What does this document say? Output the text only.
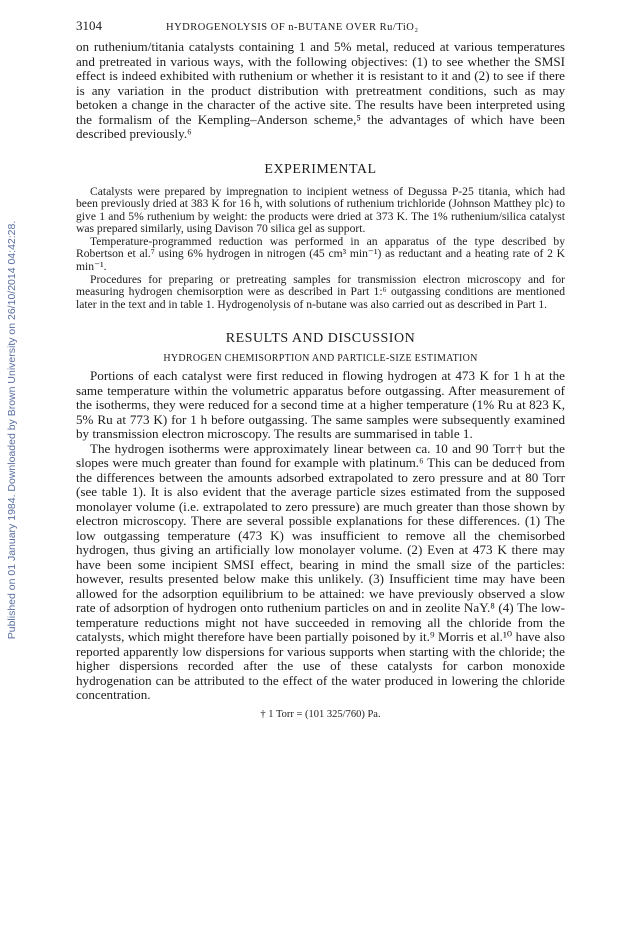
Published on 01 January 1984. Downloaded by Brown University on 26/10/2014 04:42:28.
3104	HYDROGENOLYSIS OF n-BUTANE OVER Ru/TiO₂

on ruthenium/titania catalysts containing 1 and 5% metal, reduced at various temperatures and pretreated in various ways, with the following objectives: (1) to see whether the SMSI effect is indeed exhibited with ruthenium or whether it is resistant to it and (2) to see if there is any variation in the product distribution with pretreatment conditions, such as may betoken a change in the character of the active site. The results have been interpreted using the formalism of the Kempling–Anderson scheme,⁵ the advantages of which have been described previously.⁶

EXPERIMENTAL

Catalysts were prepared by impregnation to incipient wetness of Degussa P-25 titania, which had been previously dried at 383 K for 16 h, with solutions of ruthenium trichloride (Johnson Matthey plc) to give 1 and 5% ruthenium by weight: the products were dried at 373 K. The 1% ruthenium/silica catalyst was prepared similarly, using Davison 70 silica gel as support.

Temperature-programmed reduction was performed in an apparatus of the type described by Robertson et al.⁷ using 6% hydrogen in nitrogen (45 cm³ min⁻¹) as reductant and a heating rate of 2 K min⁻¹.

Procedures for preparing or pretreating samples for transmission electron microscopy and for measuring hydrogen chemisorption were as described in Part 1:⁶ outgassing conditions are mentioned later in the text and in table 1. Hydrogenolysis of n-butane was also carried out as described in Part 1.

RESULTS AND DISCUSSION
HYDROGEN CHEMISORPTION AND PARTICLE-SIZE ESTIMATION

Portions of each catalyst were first reduced in flowing hydrogen at 473 K for 1 h at the same temperature within the volumetric apparatus before outgassing. After measurement of the isotherms, they were reduced for a second time at a higher temperature (1% Ru at 823 K, 5% Ru at 773 K) for 1 h before outgassing. The same samples were subsequently examined by transmission electron microscopy. The results are summarised in table 1.

The hydrogen isotherms were approximately linear between ca. 10 and 90 Torr† but the slopes were much greater than found for example with platinum.⁶ This can be deduced from the differences between the amounts adsorbed extrapolated to zero pressure and at 80 Torr (see table 1). It is also evident that the average particle sizes estimated from the supposed monolayer volume (i.e. extrapolated to zero pressure) are much greater than those shown by electron microscopy. There are several possible explanations for these differences. (1) The low outgassing temperature (473 K) was insufficient to remove all the chemisorbed hydrogen, thus giving an artificially low monolayer volume. (2) Even at 473 K there may have been some incipient SMSI effect, bearing in mind the small size of the particles: however, results presented below make this unlikely. (3) Insufficient time may have been allowed for the adsorption equilibrium to be attained: we have previously observed a slow rate of adsorption of hydrogen onto ruthenium particles on and in zeolite NaY.⁸ (4) The low-temperature reductions might not have succeeded in removing all the chloride from the catalysts, which might therefore have been partially poisoned by it.⁹ Morris et al.¹⁰ have also reported apparently low dispersions for various supports when starting with the chloride; the higher dispersions recorded after the use of these catalysts for carbon monoxide hydrogenation can be attributed to the effect of the water produced in lowering the chloride concentration.

† 1 Torr = (101 325/760) Pa.
